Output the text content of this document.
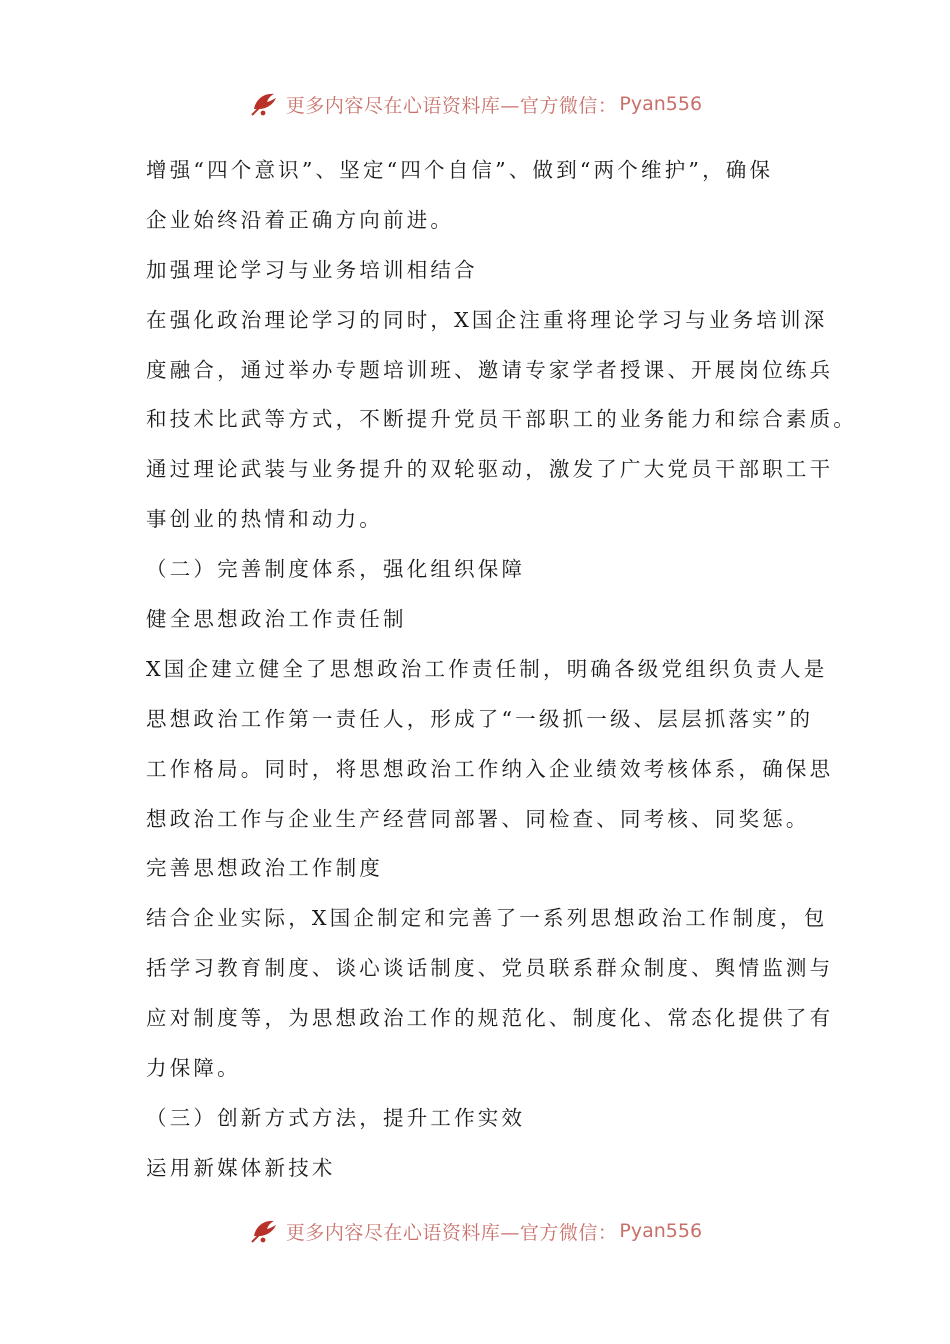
更多内容尽在心语资料库—官方微信： Pyan556
增强“四个意识”、坚定“四个自信”、做到“两个维护”，确保
企业始终沿着正确方向前进。
加强理论学习与业务培训相结合
在强化政治理论学习的同时，X国企注重将理论学习与业务培训深
度融合，通过举办专题培训班、邀请专家学者授课、开展岗位练兵
和技术比武等方式，不断提升党员干部职工的业务能力和综合素质。
通过理论武装与业务提升的双轮驱动，激发了广大党员干部职工干
事创业的热情和动力。
（二）完善制度体系，强化组织保障
健全思想政治工作责任制
X国企建立健全了思想政治工作责任制，明确各级党组织负责人是
思想政治工作第一责任人，形成了“一级抓一级、层层抓落实”的
工作格局。同时，将思想政治工作纳入企业绩效考核体系，确保思
想政治工作与企业生产经营同部署、同检查、同考核、同奖惩。
完善思想政治工作制度
结合企业实际，X国企制定和完善了一系列思想政治工作制度，包
括学习教育制度、谈心谈话制度、党员联系群众制度、舆情监测与
应对制度等，为思想政治工作的规范化、制度化、常态化提供了有
力保障。
（三）创新方式方法，提升工作实效
运用新媒体新技术
更多内容尽在心语资料库—官方微信： Pyan556
